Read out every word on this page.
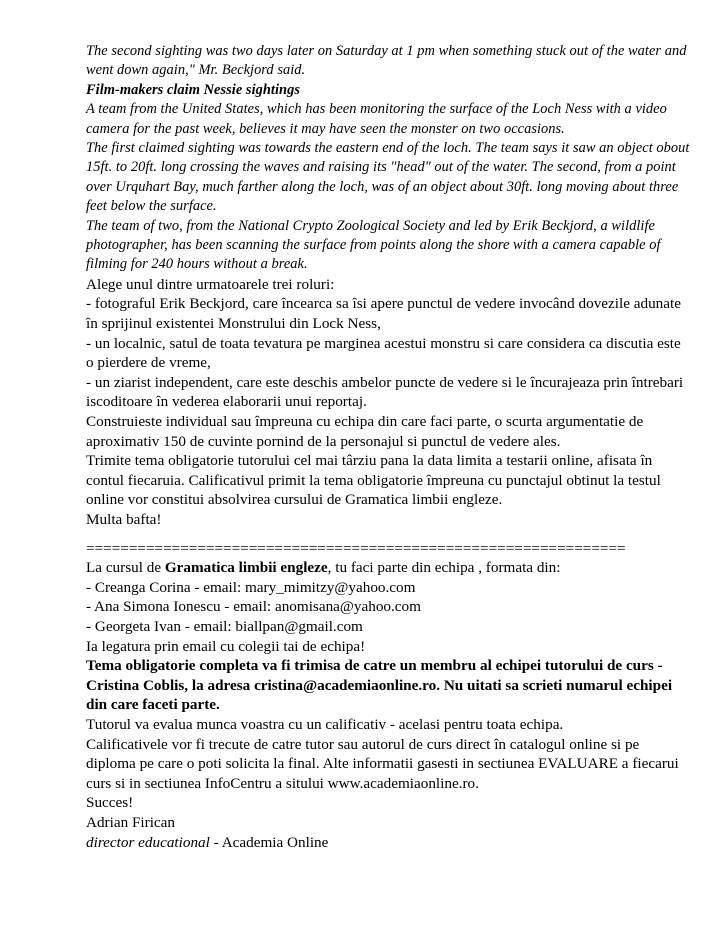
The second sighting was two days later on Saturday at 1 pm when something stuck out of the water and went down again," Mr. Beckjord said.

Film-makers claim Nessie sightings

A team from the United States, which has been monitoring the surface of the Loch Ness with a video camera for the past week, believes it may have seen the monster on two occasions.

The first claimed sighting was towards the eastern end of the loch. The team says it saw an object obout 15ft. to 20ft. long crossing the waves and raising its "head" out of the water. The second, from a point over Urquhart Bay, much farther along the loch, was of an object about 30ft. long moving about three feet below the surface.

The team of two, from the National Crypto Zoological Society and led by Erik Beckjord, a wildlife photographer, has been scanning the surface from points along the shore with a camera capable of filming for 240 hours without a break.

Alege unul dintre urmatoarele trei roluri:

- fotograful Erik Beckjord, care încearca sa îsi apere punctul de vedere invocând dovezile adunate în sprijinul existentei Monstrului din Lock Ness,

- un localnic, satul de toata tevatura pe marginea acestui monstru si care considera ca discutia este o pierdere de vreme,

- un ziarist independent, care este deschis ambelor puncte de vedere si le încurajeaza prin întrebari iscoditoare în vederea elaborarii unui reportaj.

Construieste individual sau împreuna cu echipa din care faci parte, o scurta argumentatie de aproximativ 150 de cuvinte pornind de la personajul si punctul de vedere ales.

Trimite tema obligatorie tutorului cel mai târziu pana la data limita a testarii online, afisata în contul fiecaruia. Calificativul primit la tema obligatorie împreuna cu punctajul obtinut la testul online vor constitui absolvirea cursului de Gramatica limbii engleze.

Multa bafta!

===============================================================

La cursul de Gramatica limbii engleze, tu faci parte din echipa , formata din:

- Creanga Corina - email: mary_mimitzy@yahoo.com

- Ana Simona Ionescu - email: anomisana@yahoo.com

- Georgeta Ivan - email: biallpan@gmail.com

Ia legatura prin email cu colegii tai de echipa!

Tema obligatorie completa va fi trimisa de catre un membru al echipei tutorului de curs - Cristina Coblis, la adresa cristina@academiaonline.ro. Nu uitati sa scrieti numarul echipei din care faceti parte.

Tutorul va evalua munca voastra cu un calificativ - acelasi pentru toata echipa.

Calificativele vor fi trecute de catre tutor sau autorul de curs direct în catalogul online si pe diploma pe care o poti solicita la final. Alte informatii gasesti in sectiunea EVALUARE a fiecarui curs si in sectiunea InfoCentru a sitului www.academiaonline.ro.

Succes!

Adrian Firican

director educational - Academia Online
